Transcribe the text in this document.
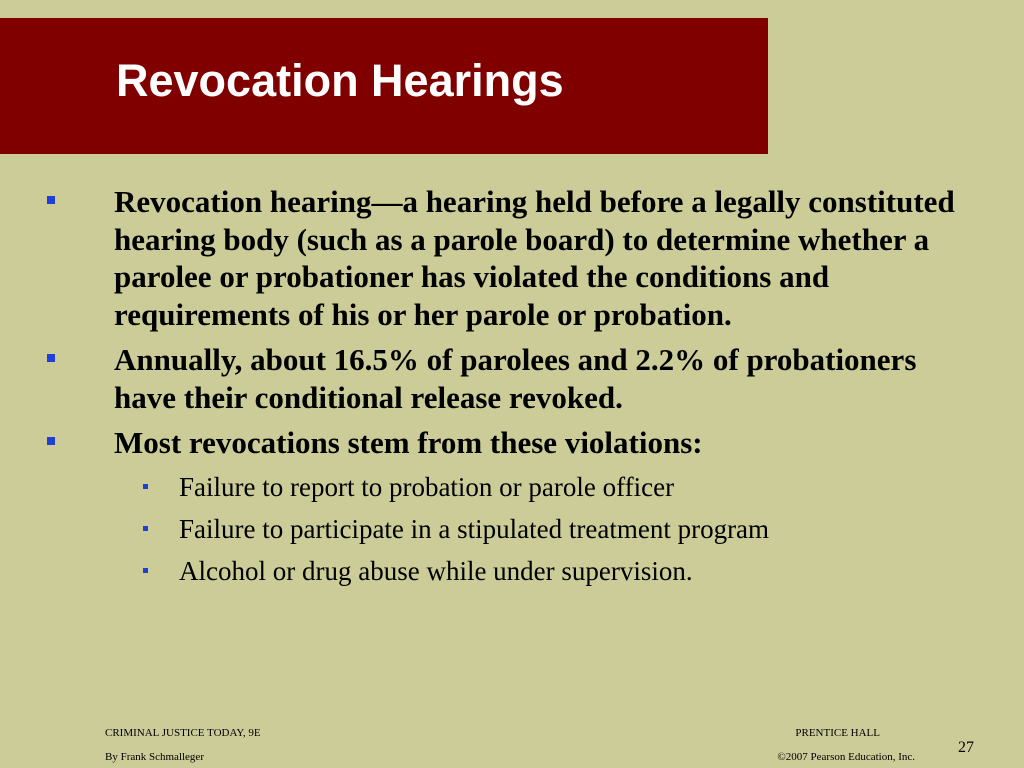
Revocation Hearings
Revocation hearing—a hearing held before a legally constituted hearing body (such as a parole board) to determine whether a parolee or probationer has violated the conditions and requirements of his or her parole or probation.
Annually, about 16.5% of parolees and 2.2% of probationers have their conditional release revoked.
Most revocations stem from these violations:
Failure to report to probation or parole officer
Failure to participate in a stipulated treatment program
Alcohol or drug abuse while under supervision.
CRIMINAL JUSTICE TODAY, 9E
By Frank Schmalleger
PRENTICE HALL
©2007 Pearson Education, Inc.
27
